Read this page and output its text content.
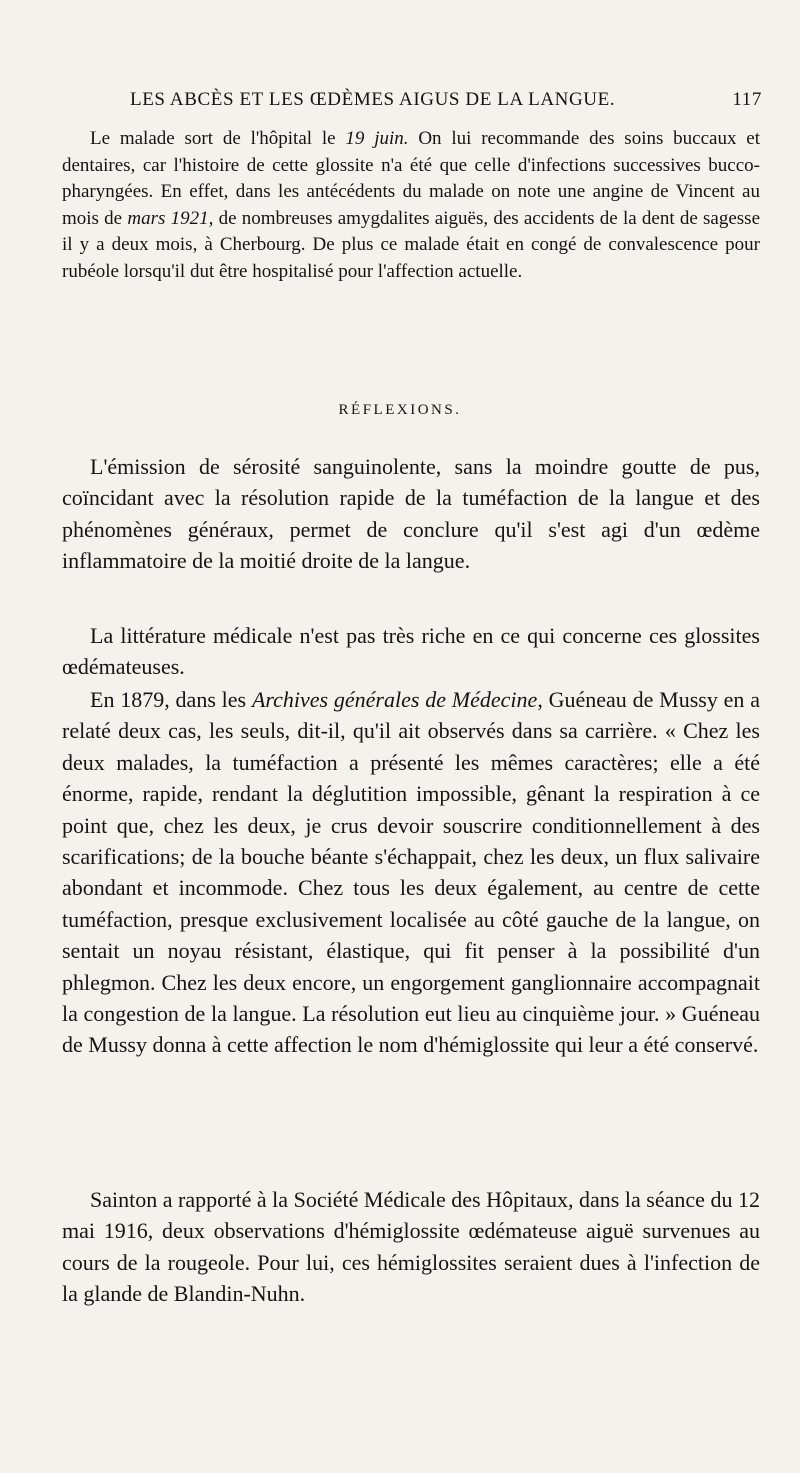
LES ABCÈS ET LES ŒDÈMES AIGUS DE LA LANGUE.	117

Le malade sort de l'hôpital le 19 juin. On lui recommande des soins buccaux et dentaires, car l'histoire de cette glossite n'a été que celle d'infections successives bucco-pharyngées. En effet, dans les antécédents du malade on note une angine de Vincent au mois de mars 1921, de nombreuses amygdalites aiguës, des accidents de la dent de sagesse il y a deux mois, à Cherbourg. De plus ce malade était en congé de convalescence pour rubéole lorsqu'il dut être hospitalisé pour l'affection actuelle.

RÉFLEXIONS.

L'émission de sérosité sanguinolente, sans la moindre goutte de pus, coïncidant avec la résolution rapide de la tuméfaction de la langue et des phénomènes généraux, permet de conclure qu'il s'est agi d'un œdème inflammatoire de la moitié droite de la langue.

La littérature médicale n'est pas très riche en ce qui concerne ces glossites œdémateuses.

En 1879, dans les Archives générales de Médecine, Guéneau de Mussy en a relaté deux cas, les seuls, dit-il, qu'il ait observés dans sa carrière. « Chez les deux malades, la tuméfaction a présenté les mêmes caractères; elle a été énorme, rapide, rendant la déglutition impossible, gênant la respiration à ce point que, chez les deux, je crus devoir souscrire conditionnellement à des scarifications; de la bouche béante s'échappait, chez les deux, un flux salivaire abondant et incommode. Chez tous les deux également, au centre de cette tuméfaction, presque exclusivement localisée au côté gauche de la langue, on sentait un noyau résistant, élastique, qui fit penser à la possibilité d'un phlegmon. Chez les deux encore, un engorgement ganglionnaire accompagnait la congestion de la langue. La résolution eut lieu au cinquième jour. » Guéneau de Mussy donna à cette affection le nom d'hémiglossite qui leur a été conservé.

Sainton a rapporté à la Société Médicale des Hôpitaux, dans la séance du 12 mai 1916, deux observations d'hémiglossite œdémateuse aiguë survenues au cours de la rougeole. Pour lui, ces hémiglossites seraient dues à l'infection de la glande de Blandin-Nuhn.
